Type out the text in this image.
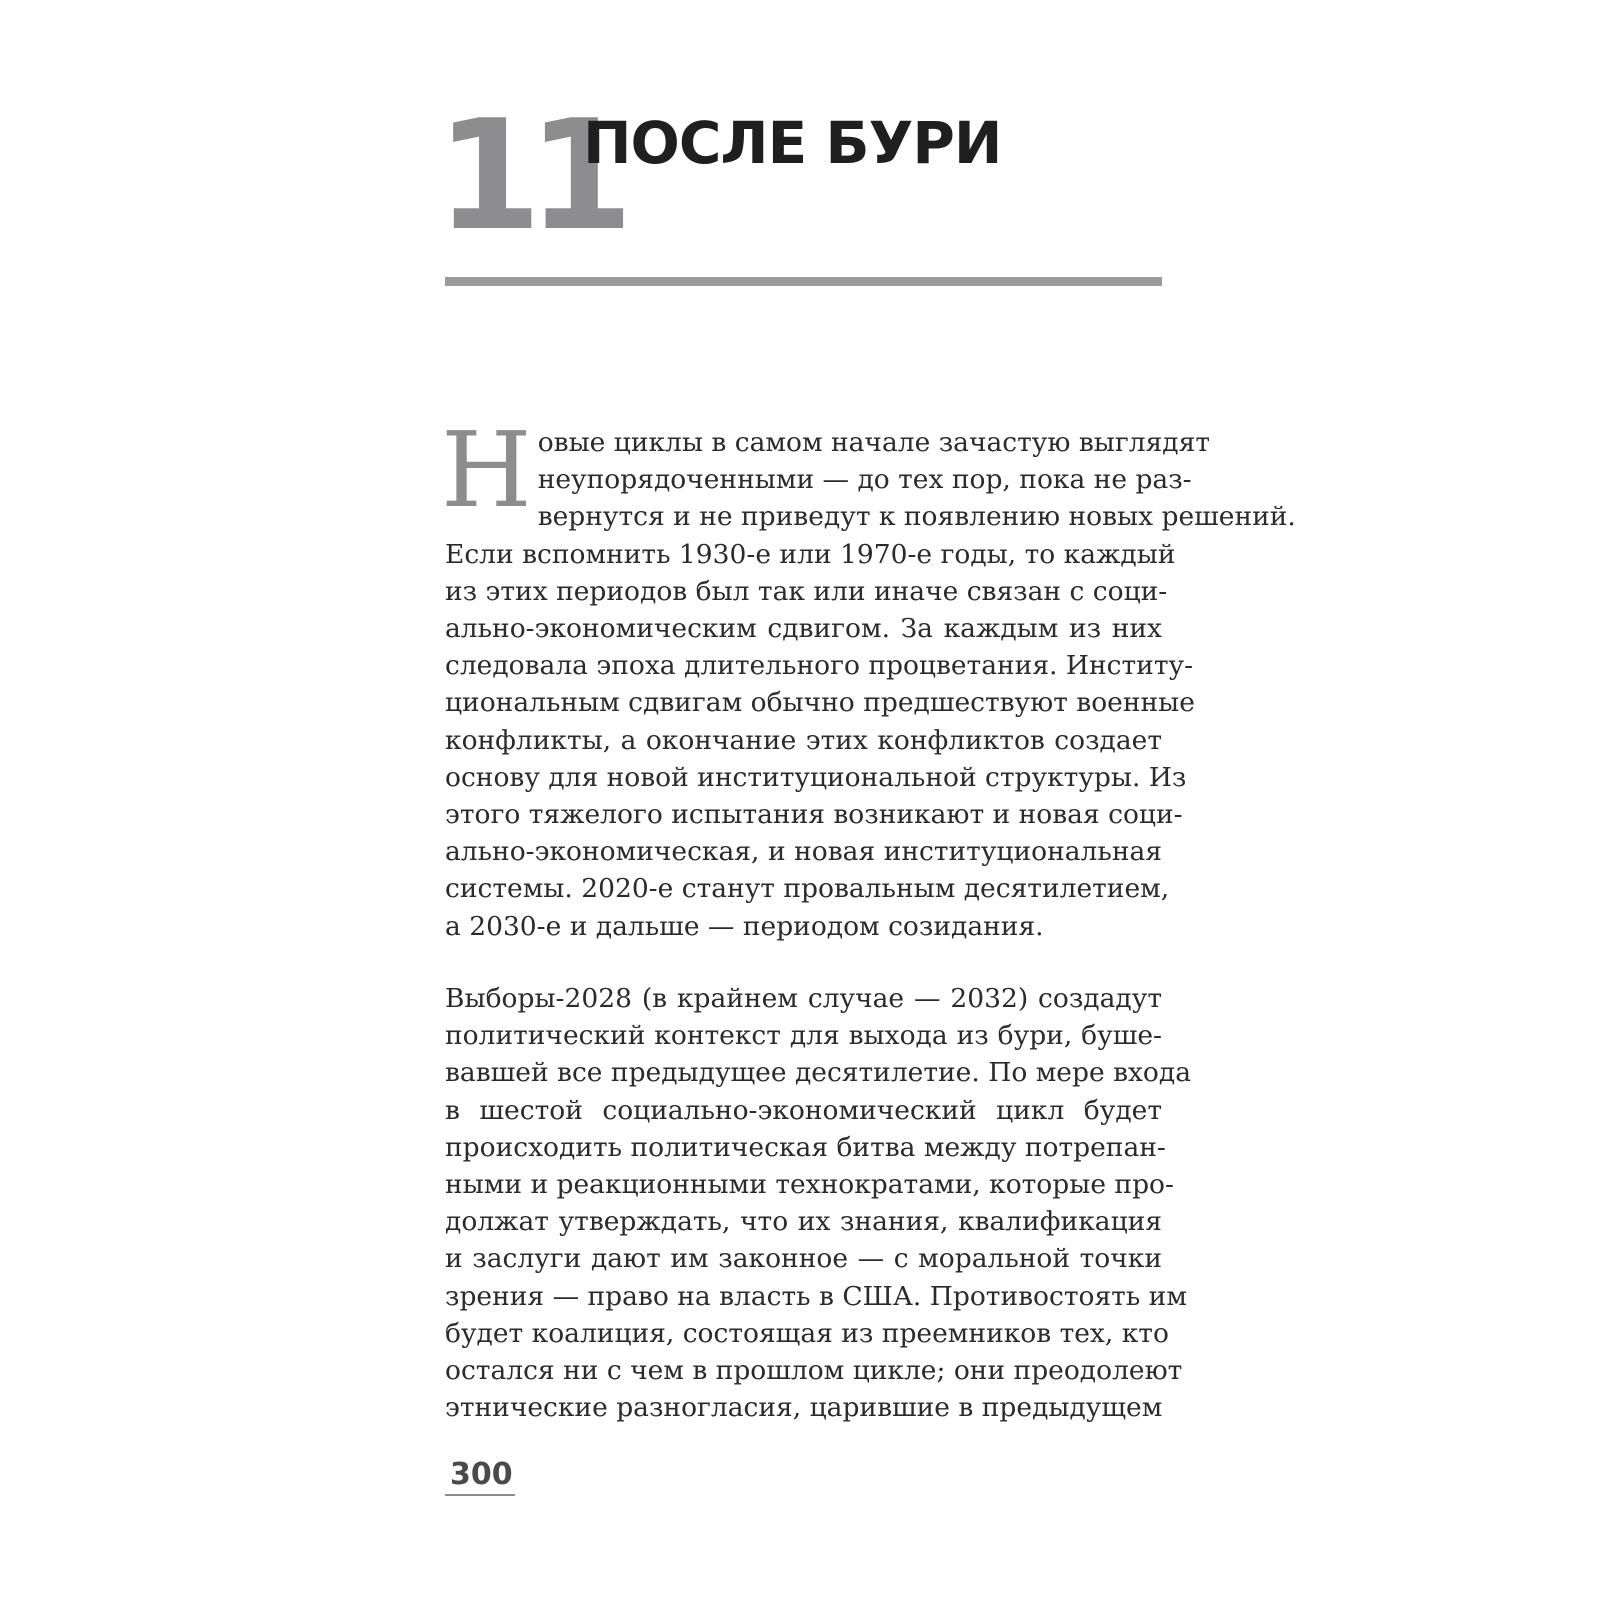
11
ПОСЛЕ БУРИ
Н овые циклы в самом начале зачастую выглядят
неупорядоченными — до тех пор, пока не раз-
вернутся и не приведут к появлению новых решений.
Если вспомнить 1930-е или 1970-е годы, то каждый
из этих периодов был так или иначе связан с соци-
ально-экономическим сдвигом. За каждым из них
следовала эпоха длительного процветания. Институ-
циональным сдвигам обычно предшествуют военные
конфликты, а окончание этих конфликтов создает
основу для новой институциональной структуры. Из
этого тяжелого испытания возникают и новая соци-
ально-экономическая, и новая институциональная
системы. 2020-е станут провальным десятилетием,
а 2030-е и дальше — периодом созидания.
Выборы-2028 (в крайнем случае — 2032) создадут
политический контекст для выхода из бури, буше-
вавшей все предыдущее десятилетие. По мере входа
в шестой социально-экономический цикл будет
происходить политическая битва между потрепан-
ными и реакционными технократами, которые про-
должат утверждать, что их знания, квалификация
и заслуги дают им законное — с моральной точки
зрения — право на власть в США. Противостоять им
будет коалиция, состоящая из преемников тех, кто
остался ни с чем в прошлом цикле; они преодолеют
этнические разногласия, царившие в предыдущем
300
